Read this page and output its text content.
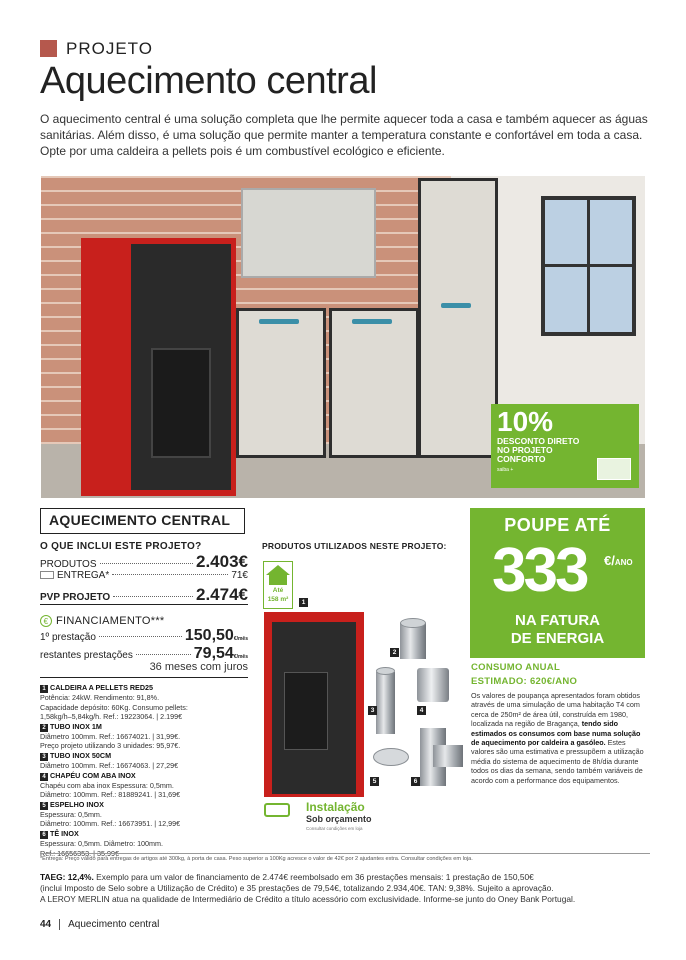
PROJETO
Aquecimento central

O aquecimento central é uma solução completa que lhe permite aquecer toda a casa e também aquecer as águas

sanitárias. Além disso, é uma solução que permite manter a temperatura constante e confortável em toda a casa.

Opte por uma caldeira a pellets pois é um combustível ecológico e eficiente.

10%
DESCONTO DIRETO
NO PROJETO
CONFORTO
saiba +
AQUECIMENTO CENTRAL
O QUE INCLUI ESTE PROJETO?
PRODUTOS	2.403€
ENTREGA*	71€
PVP PROJETO	2.474€
€ FINANCIAMENTO***
1º prestação	150,50€/mês
restantes prestações	79,54€/mês
36 meses com juros
1 CALDEIRA A PELLETS RED25
Potência: 24kW. Rendimento: 91,8%.
Capacidade depósito: 60Kg. Consumo pellets:
1,58kg/h–5,84kg/h. Ref.: 19223064. | 2.199€
2 TUBO INOX 1M
Diâmetro 100mm. Ref.: 16674021. | 31,99€.
Preço projeto utilizando 3 unidades: 95,97€.
3 TUBO INOX 50CM
Diâmetro 100mm. Ref.: 16674063. | 27,29€
4 CHAPÉU COM ABA INOX
Chapéu com aba inox Espessura: 0,5mm.
Diâmetro: 100mm. Ref.: 81889241. | 31,69€
5 ESPELHO INOX
Espessura: 0,5mm.
Diâmetro: 100mm. Ref.: 16673951. | 12,99€
6 TÊ INOX
Espessura: 0,5mm. Diâmetro: 100mm.
Ref.: 16656353. | 35,99€
PRODUTOS UTILIZADOS NESTE PROJETO:
Até
158 m²	1
2
3	4
5	6
Instalação
Sob orçamento
Consultar condições em loja
POUPE ATÉ
333 €/ANO
NA FATURA
DE ENERGIA
CONSUMO ANUAL
ESTIMADO: 620€/ANO
Os valores de poupança apresentados foram obtidos através de uma simulação de uma habitação T4 com cerca de 250m² de área útil, construída em 1980, localizada na região de Bragança, tendo sido estimados os consumos com base numa solução de aquecimento por caldeira a gasóleo. Estes valores são uma estimativa e pressupõem a utilização média do sistema de aquecimento de 8h/dia durante todos os dias da semana, sendo também variáveis de acordo com a performance dos equipamentos.
*Entrega: Preço válido para entregas de artigos até 300kg, à porta de casa. Peso superior a 100Kg acresce o valor de 42€ por 2 ajudantes extra. Consultar condições em loja.
TAEG: 12,4%. Exemplo para um valor de financiamento de 2.474€ reembolsado em 36 prestações mensais: 1 prestação de 150,50€
(inclui Imposto de Selo sobre a Utilização de Crédito) e 35 prestações de 79,54€, totalizando 2.934,40€. TAN: 9,38%. Sujeito a aprovação.
A LEROY MERLIN atua na qualidade de Intermediário de Crédito a título acessório com exclusividade. Informe-se junto do Oney Bank Portugal.
44 Aquecimento central
